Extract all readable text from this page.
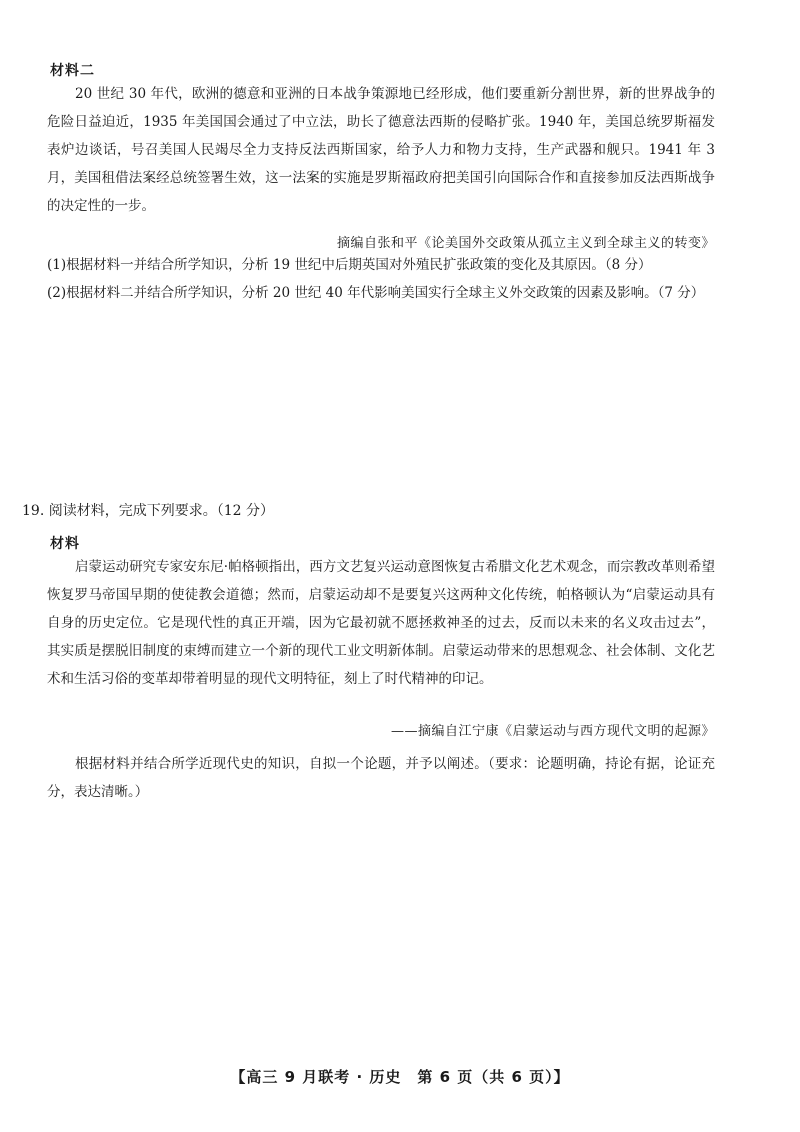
材料二
20 世纪 30 年代，欧洲的德意和亚洲的日本战争策源地已经形成，他们要重新分割世界，新的世界战争的危险日益迫近，1935 年美国国会通过了中立法，助长了德意法西斯的侵略扩张。1940 年，美国总统罗斯福发表炉边谈话，号召美国人民竭尽全力支持反法西斯国家，给予人力和物力支持，生产武器和舰只。1941 年 3 月，美国租借法案经总统签署生效，这一法案的实施是罗斯福政府把美国引向国际合作和直接参加反法西斯战争的决定性的一步。
摘编自张和平《论美国外交政策从孤立主义到全球主义的转变》
(1)根据材料一并结合所学知识，分析 19 世纪中后期英国对外殖民扩张政策的变化及其原因。（8 分）
(2)根据材料二并结合所学知识，分析 20 世纪 40 年代影响美国实行全球主义外交政策的因素及影响。（7 分）
19. 阅读材料，完成下列要求。（12 分）
材料
启蒙运动研究专家安东尼·帕格顿指出，西方文艺复兴运动意图恢复古希腊文化艺术观念，而宗教改革则希望恢复罗马帝国早期的使徒教会道德；然而，启蒙运动却不是要复兴这两种文化传统，帕格顿认为“启蒙运动具有自身的历史定位。它是现代性的真正开端，因为它最初就不愿拯救神圣的过去，反而以未来的名义攻击过去”，其实质是摆脱旧制度的束缚而建立一个新的现代工业文明新体制。启蒙运动带来的思想观念、社会体制、文化艺术和生活习俗的变革却带着明显的现代文明特征，刻上了时代精神的印记。
——摘编自江宁康《启蒙运动与西方现代文明的起源》
根据材料并结合所学近现代史的知识，自拟一个论题，并予以阐述。（要求：论题明确，持论有据，论证充分，表达清晰。）
【高三 9 月联考 · 历史　第 6 页（共 6 页）】
